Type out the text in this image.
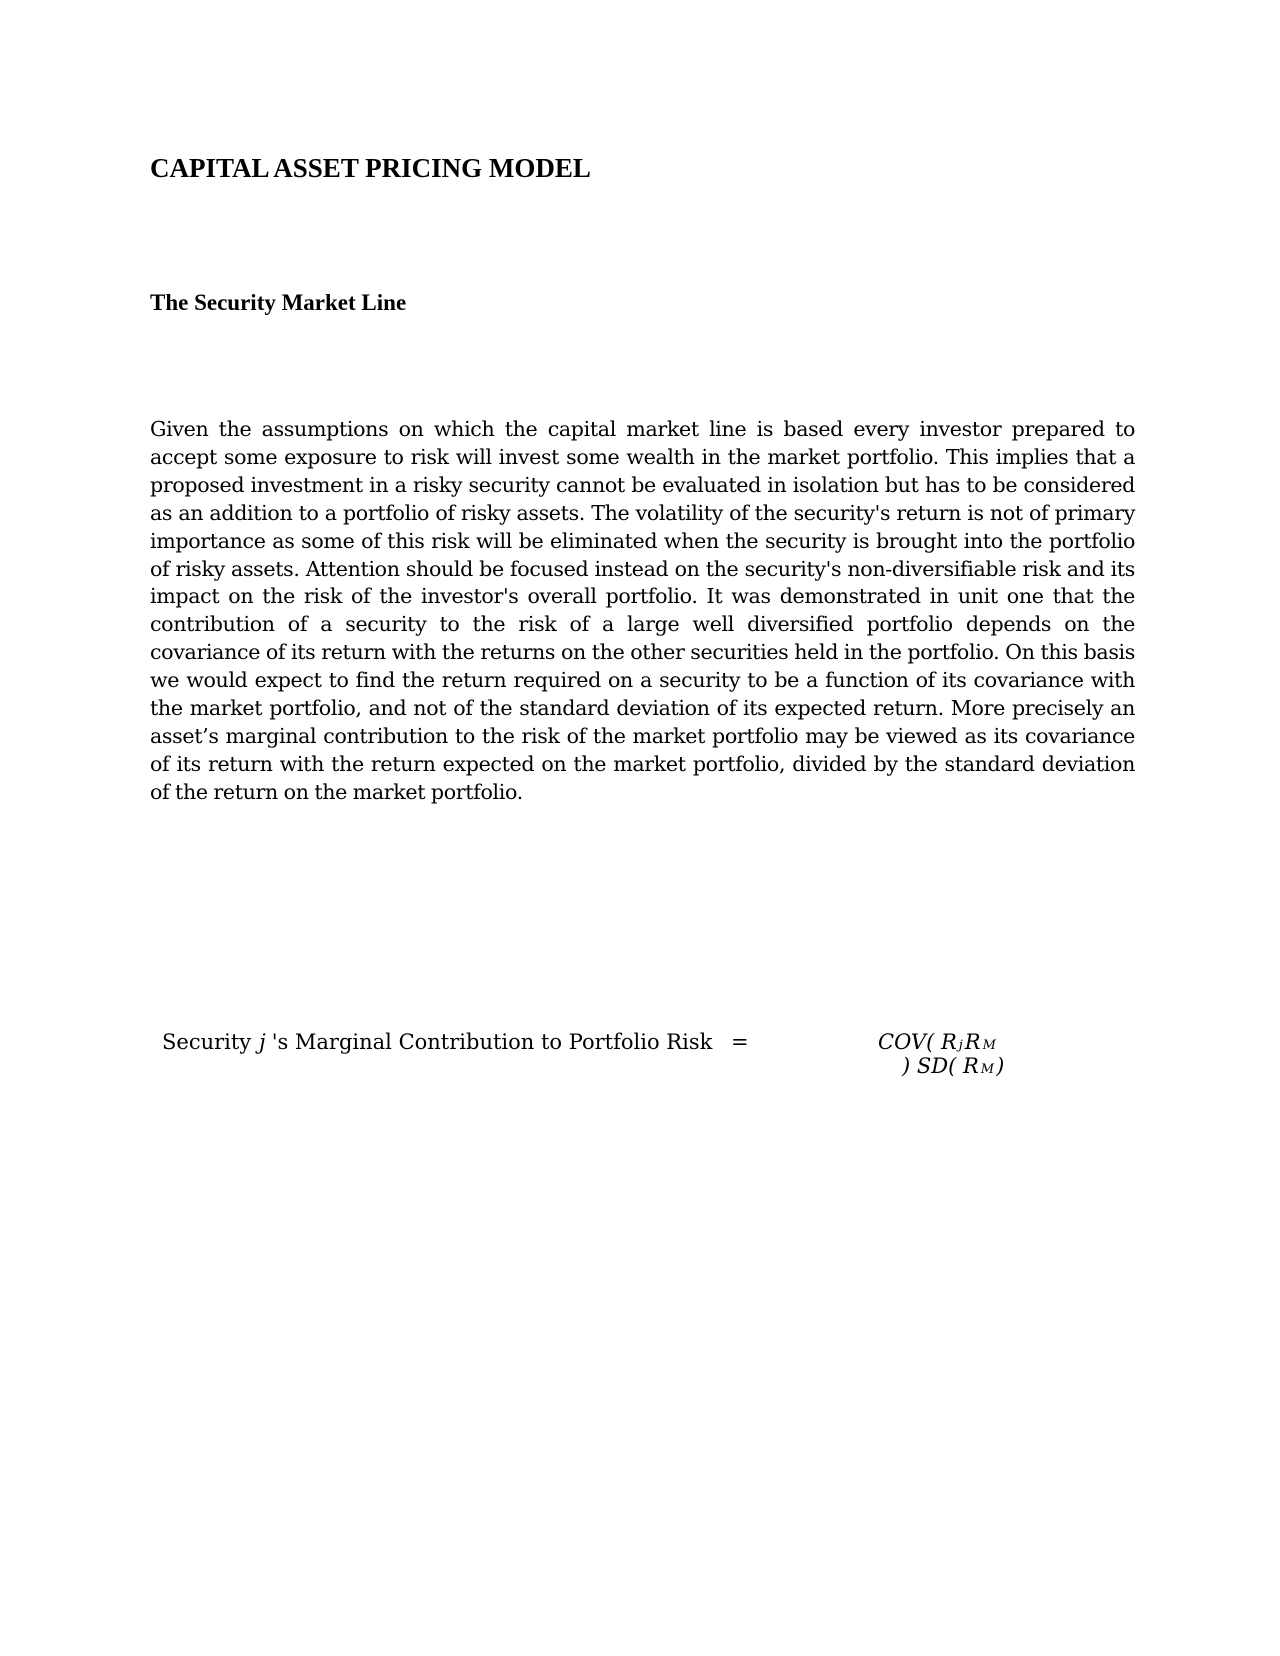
CAPITAL ASSET PRICING MODEL
The Security Market Line

Given the assumptions on which the capital market line is based every investor prepared to accept some exposure to risk will invest some wealth in the market portfolio. This implies that a proposed investment in a risky security cannot be evaluated in isolation but has to be considered as an addition to a portfolio of risky assets. The volatility of the security's return is not of primary importance as some of this risk will be eliminated when the security is brought into the portfolio of risky assets. Attention should be focused instead on the security's non-diversifiable risk and its impact on the risk of the investor's overall portfolio. It was demonstrated in unit one that the contribution of a security to the risk of a large well diversified portfolio depends on the covariance of its return with the returns on the other securities held in the portfolio. On this basis we would expect to find the return required on a security to be a function of its covariance with the market portfolio, and not of the standard deviation of its expected return. More precisely an asset’s marginal contribution to the risk of the market portfolio may be viewed as its covariance of its return with the return expected on the market portfolio, divided by the standard deviation of the return on the market portfolio.

Security j 's Marginal Contribution to Portfolio Risk =	COV( R jR M
) SD( R M)
